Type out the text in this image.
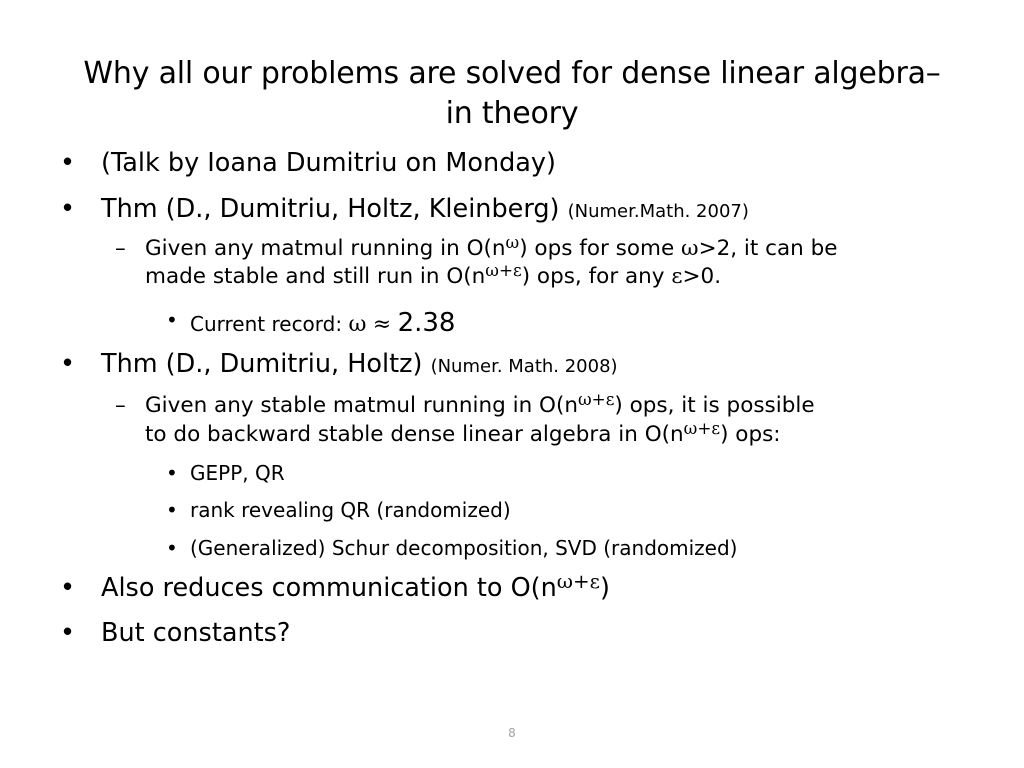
Why all our problems are solved for dense linear algebra–
in theory
• (Talk by Ioana Dumitriu on Monday)
• Thm (D., Dumitriu, Holtz, Kleinberg) (Numer.Math. 2007)
– Given any matmul running in $O(n^\omega)$ ops for some ω>2, it can be
made stable and still run in $O(n^{\omega+\varepsilon})$ ops, for any ε>0.
• Current record: ω ≈ 2.38
• Thm (D., Dumitriu, Holtz) (Numer. Math. 2008)
– Given any stable matmul running in $O(n^{\omega+\varepsilon})$ ops, it is possible
to do backward stable dense linear algebra in $O(n^{\omega+\varepsilon})$ ops:
• GEPP, QR
• rank revealing QR (randomized)
• (Generalized) Schur decomposition, SVD (randomized)
• Also reduces communication to $O(n^{\omega+\varepsilon})$
• But constants?
8
